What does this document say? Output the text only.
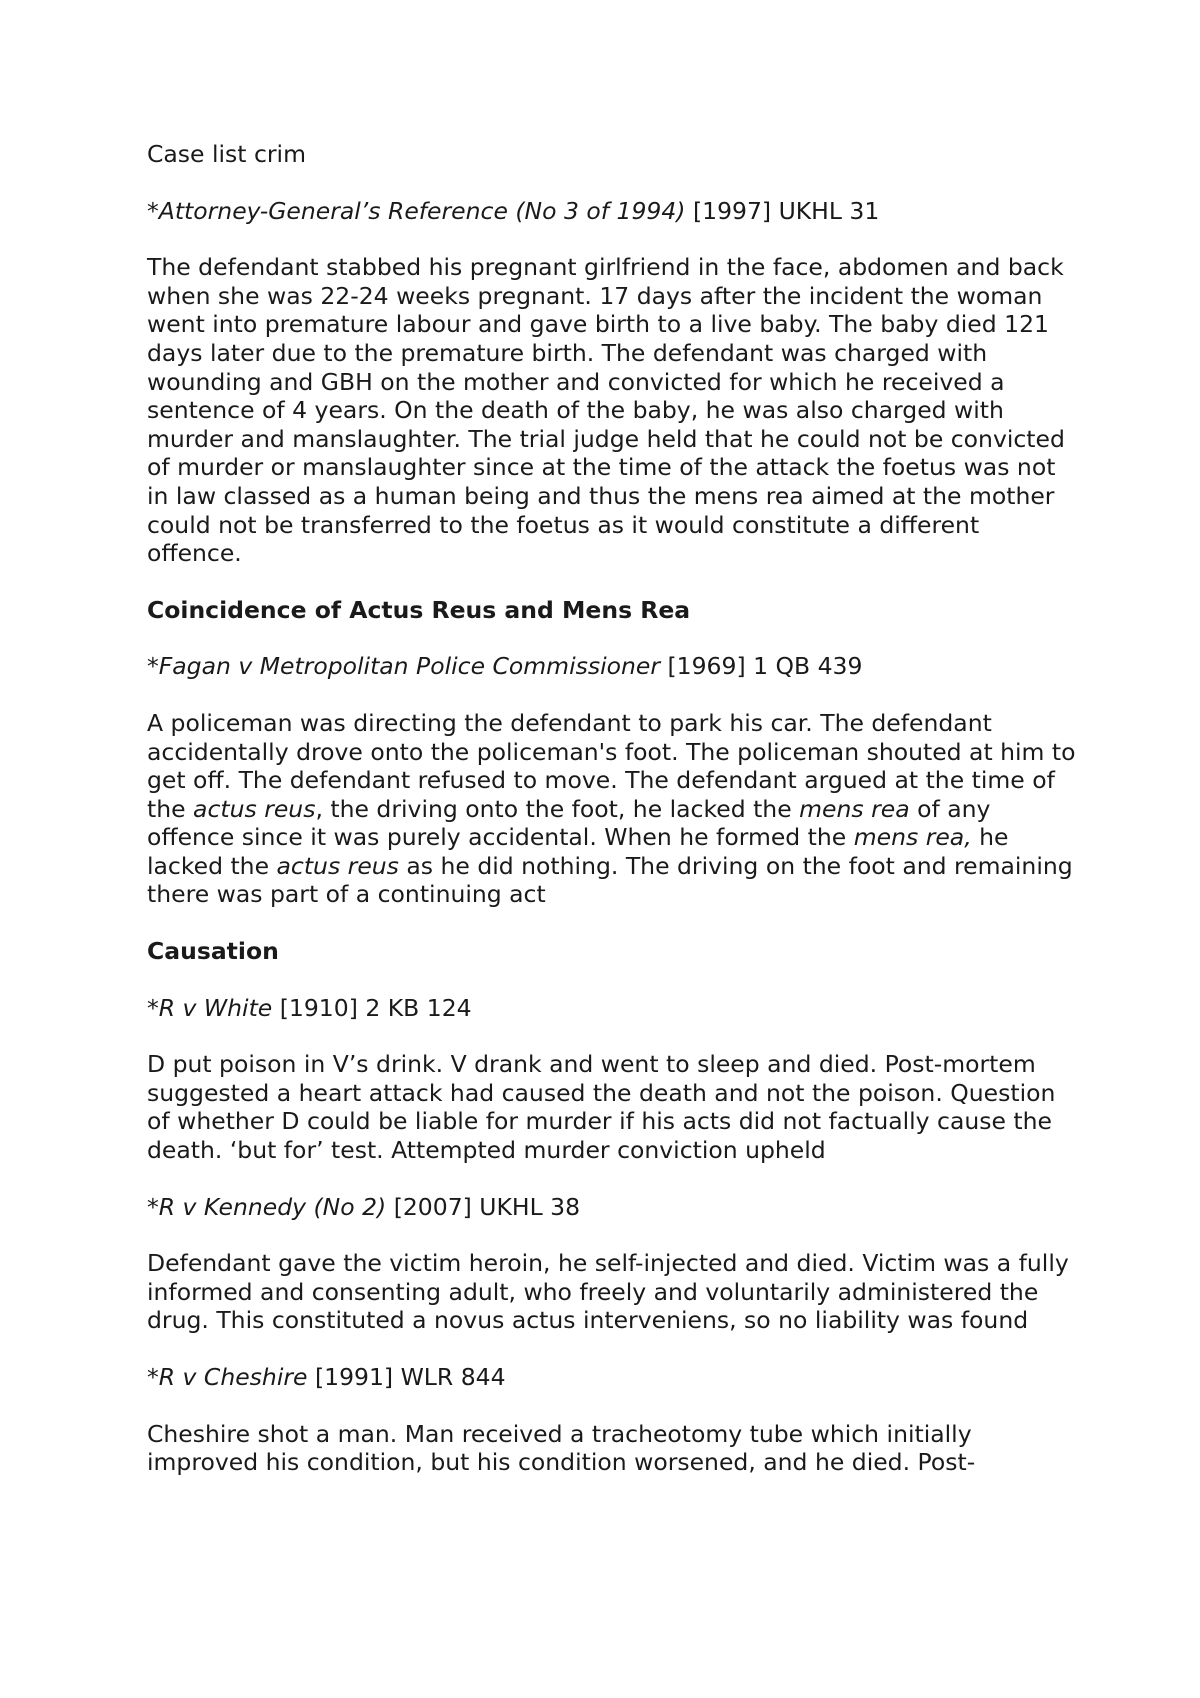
Case list crim

*Attorney-General’s Reference (No 3 of 1994) [1997] UKHL 31

The defendant stabbed his pregnant girlfriend in the face, abdomen and back when she was 22-24 weeks pregnant. 17 days after the incident the woman went into premature labour and gave birth to a live baby. The baby died 121 days later due to the premature birth. The defendant was charged with wounding and GBH on the mother and convicted for which he received a sentence of 4 years. On the death of the baby, he was also charged with murder and manslaughter. The trial judge held that he could not be convicted of murder or manslaughter since at the time of the attack the foetus was not in law classed as a human being and thus the mens rea aimed at the mother could not be transferred to the foetus as it would constitute a different offence.

Coincidence of Actus Reus and Mens Rea

*Fagan v Metropolitan Police Commissioner [1969] 1 QB 439

A policeman was directing the defendant to park his car. The defendant accidentally drove onto the policeman's foot. The policeman shouted at him to get off. The defendant refused to move. The defendant argued at the time of the actus reus, the driving onto the foot, he lacked the mens rea of any offence since it was purely accidental. When he formed the mens rea, he lacked the actus reus as he did nothing. The driving on the foot and remaining there was part of a continuing act

Causation

*R v White [1910] 2 KB 124

D put poison in V’s drink. V drank and went to sleep and died. Post-mortem suggested a heart attack had caused the death and not the poison. Question of whether D could be liable for murder if his acts did not factually cause the death. ‘but for’ test. Attempted murder conviction upheld

*R v Kennedy (No 2) [2007] UKHL 38

Defendant gave the victim heroin, he self-injected and died. Victim was a fully informed and consenting adult, who freely and voluntarily administered the drug. This constituted a novus actus interveniens, so no liability was found

*R v Cheshire [1991] WLR 844

Cheshire shot a man. Man received a tracheotomy tube which initially improved his condition, but his condition worsened, and he died. Post-
